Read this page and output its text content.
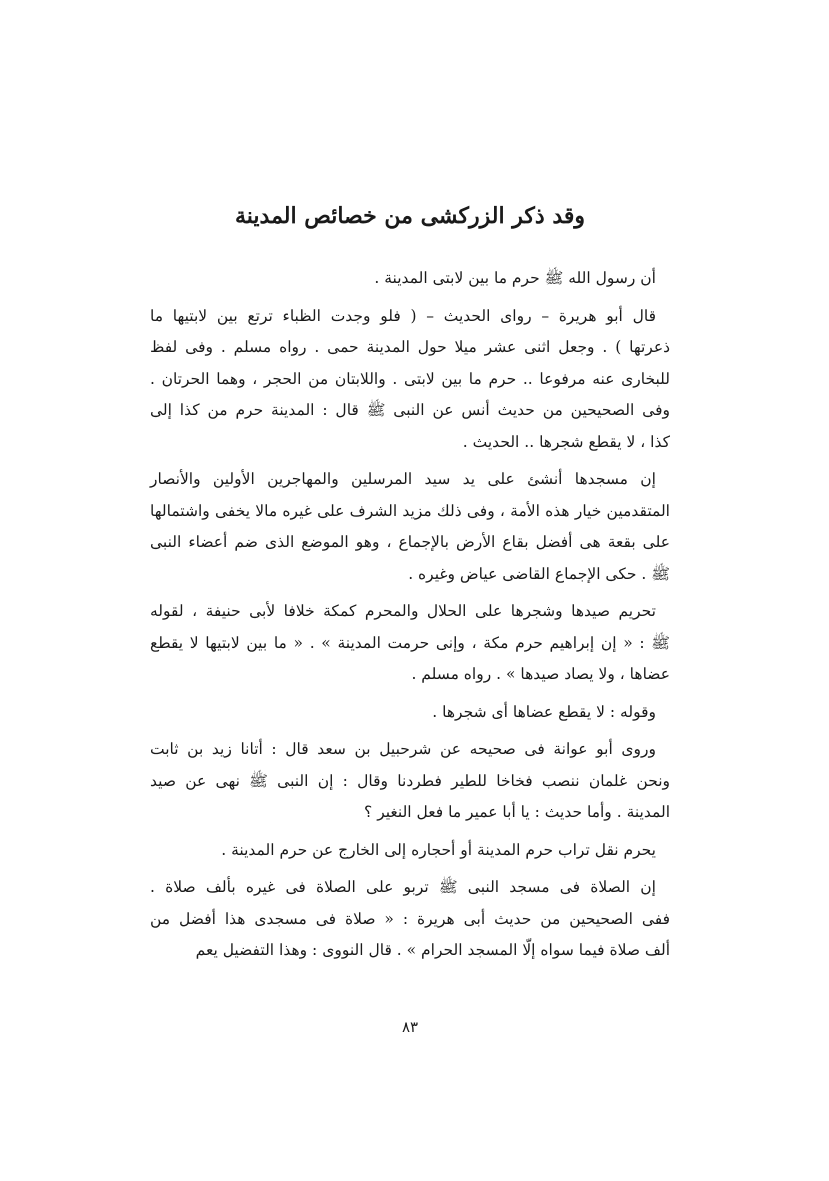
وقد ذكر الزركشى من خصائص المدينة
أن رسول الله ﷺ حرم ما بين لابتى المدينة .
قال أبو هريرة – رواى الحديث – ( فلو وجدت الظباء ترتع بين لابتيها ما
ذعرتها ) . وجعل اثنى عشر ميلا حول المدينة حمى . رواه مسلم . وفى لفظ
للبخارى عنه مرفوعا .. حرم ما بين لابتى . واللابتان من الحجر ، وهما الحرتان .
وفى الصحيحين من حديث أنس عن النبى ﷺ قال : المدينة حرم من كذا إلى
كذا ، لا يقطع شجرها .. الحديث .
إن مسجدها أنشئ على يد سيد المرسلين والمهاجرين الأولين والأنصار
المتقدمين خيار هذه الأمة ، وفى ذلك مزيد الشرف على غيره مالا يخفى واشتمالها
على بقعة هى أفضل بقاع الأرض بالإجماع ، وهو الموضع الذى ضم أعضاء النبى
ﷺ . حكى الإجماع القاضى عياض وغيره .
تحريم صيدها وشجرها على الحلال والمحرم كمكة خلافا لأبى حنيفة ، لقوله
ﷺ : « إن إبراهيم حرم مكة ، وإنى حرمت المدينة » . « ما بين لابتيها لا يقطع
عضاها ، ولا يصاد صيدها » . رواه مسلم .
وقوله : لا يقطع عضاها أى شجرها .
وروى أبو عوانة فى صحيحه عن شرحبيل بن سعد قال : أتانا زيد بن ثابت
ونحن غلمان ننصب فخاخا للطير فطردنا وقال : إن النبى ﷺ نهى عن صيد
المدينة . وأما حديث : يا أبا عمير ما فعل النغير ؟
يحرم نقل تراب حرم المدينة أو أحجاره إلى الخارج عن حرم المدينة .
إن الصلاة فى مسجد النبى ﷺ تربو على الصلاة فى غيره بألف صلاة .
ففى الصحيحين من حديث أبى هريرة : « صلاة فى مسجدى هذا أفضل من
ألف صلاة فيما سواه إلّا المسجد الحرام » . قال النووى : وهذا التفضيل يعم
٨٣
